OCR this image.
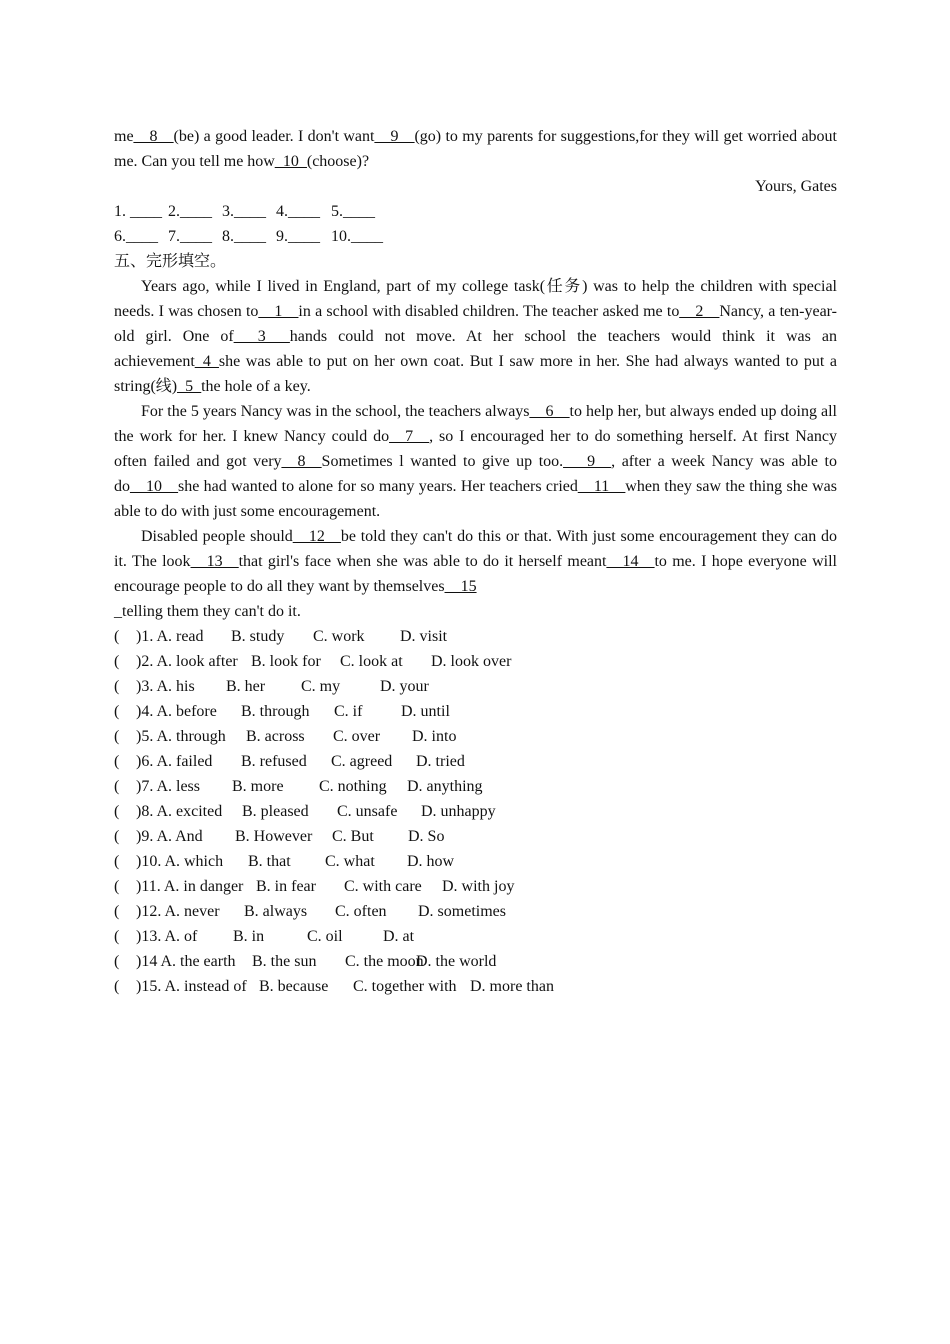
me__8__(be) a good leader. I don't want__9__(go) to my parents for suggestions,for they will get worried about me. Can you tell me how_10_(choose)?

Yours, Gates

1. ____ 2.____ 3.____ 4.____ 5.____
6.____ 7.____ 8.____ 9.____ 10.____

五、完形填空。

Years ago, while I lived in England, part of my college task(任务) was to help the children with special needs. I was chosen to__1__in a school with disabled children. The teacher asked me to__2__Nancy, a ten-year-old girl. One of___3___hands could not move. At her school the teachers would think it was an achievement_4_she was able to put on her own coat. But I saw more in her. She had always wanted to put a string(线)_5_the hole of a key.

For the 5 years Nancy was in the school, the teachers always__6__to help her, but always ended up doing all the work for her. I knew Nancy could do__7__, so I encouraged her to do something herself. At first Nancy often failed and got very__8__Sometimes l wanted to give up too.___9__, after a week Nancy was able to do__10__she had wanted to alone for so many years. Her teachers cried__11__when they saw the thing she was able to do with just some encouragement.

Disabled people should__12__be told they can't do this or that. With just some encouragement they can do it. The look__13__that girl's face when she was able to do it herself meant__14__to me. I hope everyone will encourage people to do all they want by themselves__15

_telling them they can't do it.

( )1. A. read B. study C. work D. visit
( )2. A. look after B. look for C. look at D. look over
( )3. A. his B. her C. my D. your
( )4. A. before B. through C. if D. until
( )5. A. through B. across C. over D. into
( )6. A. failed B. refused C. agreed D. tried
( )7. A. less B. more C. nothing D. anything
( )8. A. excited B. pleased C. unsafe D. unhappy
( )9. A. And B. However C. But D. So
( )10. A. which B. that C. what D. how
( )11. A. in danger B. in fear C. with care D. with joy
( )12. A. never B. always C. often D. sometimes
( )13. A. of B. in	C. oil	D. at
( )14 A. the earth B. the sun C. the moon
D. the world
( )15. A. instead of B. because C. together with D. more than
